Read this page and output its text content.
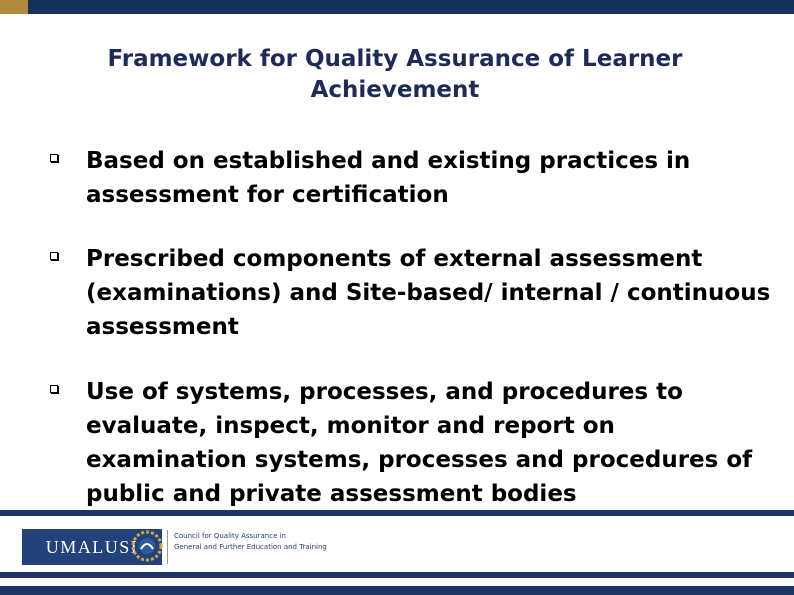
Framework for Quality Assurance of Learner Achievement
Based on established and existing practices in assessment for certification
Prescribed components of external assessment (examinations) and Site-based/ internal / continuous assessment
Use of systems, processes, and procedures to evaluate, inspect, monitor and report on examination systems, processes and procedures of public and private assessment bodies
UMALUSI
Council for Quality Assurance in
General and Further Education and Training
